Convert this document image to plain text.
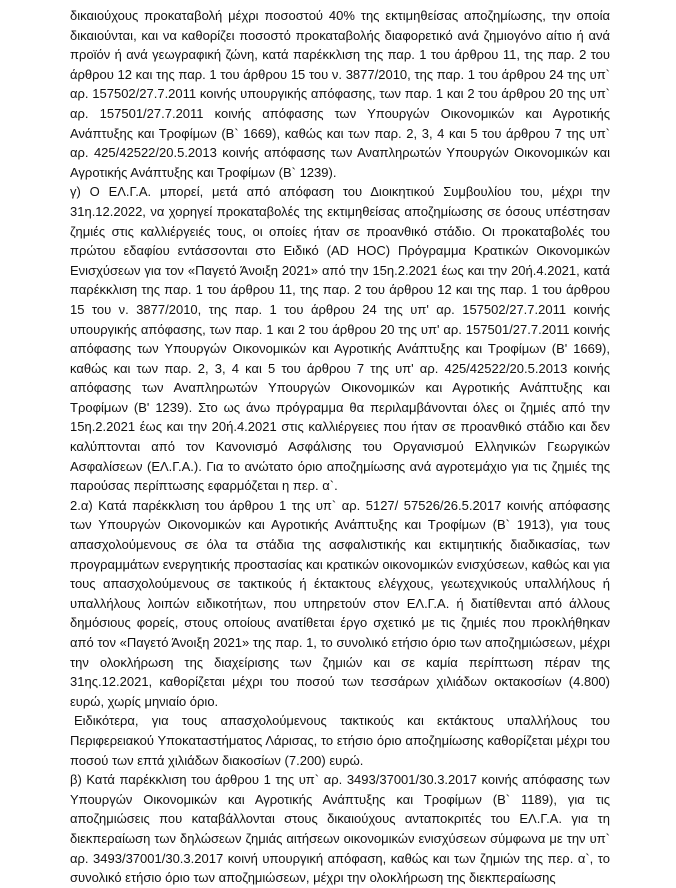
δικαιούχους προκαταβολή μέχρι ποσοστού 40% της εκτιμηθείσας αποζημίωσης, την οποία δικαιούνται, και να καθορίζει ποσοστό προκαταβολής διαφορετικό ανά ζημιογόνο αίτιο ή ανά προϊόν ή ανά γεωγραφική ζώνη, κατά παρέκκλιση της παρ. 1 του άρθρου 11, της παρ. 2 του άρθρου 12 και της παρ. 1 του άρθρου 15 του ν. 3877/2010, της παρ. 1 του άρθρου 24 της υπ` αρ. 157502/27.7.2011 κοινής υπουργικής απόφασης, των παρ. 1 και 2 του άρθρου 20 της υπ` αρ. 157501/27.7.2011 κοινής απόφασης των Υπουργών Οικονομικών και Αγροτικής Ανάπτυξης και Τροφίμων (Β` 1669), καθώς και των παρ. 2, 3, 4 και 5 του άρθρου 7 της υπ` αρ. 425/42522/20.5.2013 κοινής απόφασης των Αναπληρωτών Υπουργών Οικονομικών και Αγροτικής Ανάπτυξης και Τροφίμων (Β` 1239).

γ) Ο ΕΛ.Γ.Α. μπορεί, μετά από απόφαση του Διοικητικού Συμβουλίου του, μέχρι την 31η.12.2022, να χορηγεί προκαταβολές της εκτιμηθείσας αποζημίωσης σε όσους υπέστησαν ζημιές στις καλλιέργειές τους, οι οποίες ήταν σε προανθικό στάδιο. Οι προκαταβολές του πρώτου εδαφίου εντάσσονται στο Ειδικό (AD HOC) Πρόγραμμα Κρατικών Οικονομικών Ενισχύσεων για τον «Παγετό Άνοιξη 2021» από την 15η.2.2021 έως και την 20ή.4.2021, κατά παρέκκλιση της παρ. 1 του άρθρου 11, της παρ. 2 του άρθρου 12 και της παρ. 1 του άρθρου 15 του ν. 3877/2010, της παρ. 1 του άρθρου 24 της υπ' αρ. 157502/27.7.2011 κοινής υπουργικής απόφασης, των παρ. 1 και 2 του άρθρου 20 της υπ' αρ. 157501/27.7.2011 κοινής απόφασης των Υπουργών Οικονομικών και Αγροτικής Ανάπτυξης και Τροφίμων (Β' 1669), καθώς και των παρ. 2, 3, 4 και 5 του άρθρου 7 της υπ' αρ. 425/42522/20.5.2013 κοινής απόφασης των Αναπληρωτών Υπουργών Οικονομικών και Αγροτικής Ανάπτυξης και Τροφίμων (Β' 1239). Στο ως άνω πρόγραμμα θα περιλαμβάνονται όλες οι ζημιές από την 15η.2.2021 έως και την 20ή.4.2021 στις καλλιέργειες που ήταν σε προανθικό στάδιο και δεν καλύπτονται από τον Κανονισμό Ασφάλισης του Οργανισμού Ελληνικών Γεωργικών Ασφαλίσεων (ΕΛ.Γ.Α.). Για το ανώτατο όριο αποζημίωσης ανά αγροτεμάχιο για τις ζημιές της παρούσας περίπτωσης εφαρμόζεται η περ. α`.

2.α) Κατά παρέκκλιση του άρθρου 1 της υπ` αρ. 5127/ 57526/26.5.2017 κοινής απόφασης των Υπουργών Οικονομικών και Αγροτικής Ανάπτυξης και Τροφίμων (Β` 1913), για τους απασχολούμενους σε όλα τα στάδια της ασφαλιστικής και εκτιμητικής διαδικασίας, των προγραμμάτων ενεργητικής προστασίας και κρατικών οικονομικών ενισχύσεων, καθώς και για τους απασχολούμενους σε τακτικούς ή έκτακτους ελέγχους, γεωτεχνικούς υπαλλήλους ή υπαλλήλους λοιπών ειδικοτήτων, που υπηρετούν στον ΕΛ.Γ.Α. ή διατίθενται από άλλους δημόσιους φορείς, στους οποίους ανατίθεται έργο σχετικό με τις ζημιές που προκλήθηκαν από τον «Παγετό Άνοιξη 2021» της παρ. 1, το συνολικό ετήσιο όριο των αποζημιώσεων, μέχρι την ολοκλήρωση της διαχείρισης των ζημιών και σε καμία περίπτωση πέραν της 31ης.12.2021, καθορίζεται μέχρι του ποσού των τεσσάρων χιλιάδων οκτακοσίων (4.800) ευρώ, χωρίς μηνιαίο όριο.

Ειδικότερα, για τους απασχολούμενους τακτικούς και εκτάκτους υπαλλήλους του Περιφερειακού Υποκαταστήματος Λάρισας, το ετήσιο όριο αποζημίωσης καθορίζεται μέχρι του ποσού των επτά χιλιάδων διακοσίων (7.200) ευρώ.

β) Κατά παρέκκλιση του άρθρου 1 της υπ` αρ. 3493/37001/30.3.2017 κοινής απόφασης των Υπουργών Οικονομικών και Αγροτικής Ανάπτυξης και Τροφίμων (Β` 1189), για τις αποζημιώσεις που καταβάλλονται στους δικαιούχους ανταποκριτές του ΕΛ.Γ.Α. για τη διεκπεραίωση των δηλώσεων ζημιάς αιτήσεων οικονομικών ενισχύσεων σύμφωνα με την υπ` αρ. 3493/37001/30.3.2017 κοινή υπουργική απόφαση, καθώς και των ζημιών της περ. α`, το συνολικό ετήσιο όριο των αποζημιώσεων, μέχρι την ολοκλήρωση της διεκπεραίωσης
